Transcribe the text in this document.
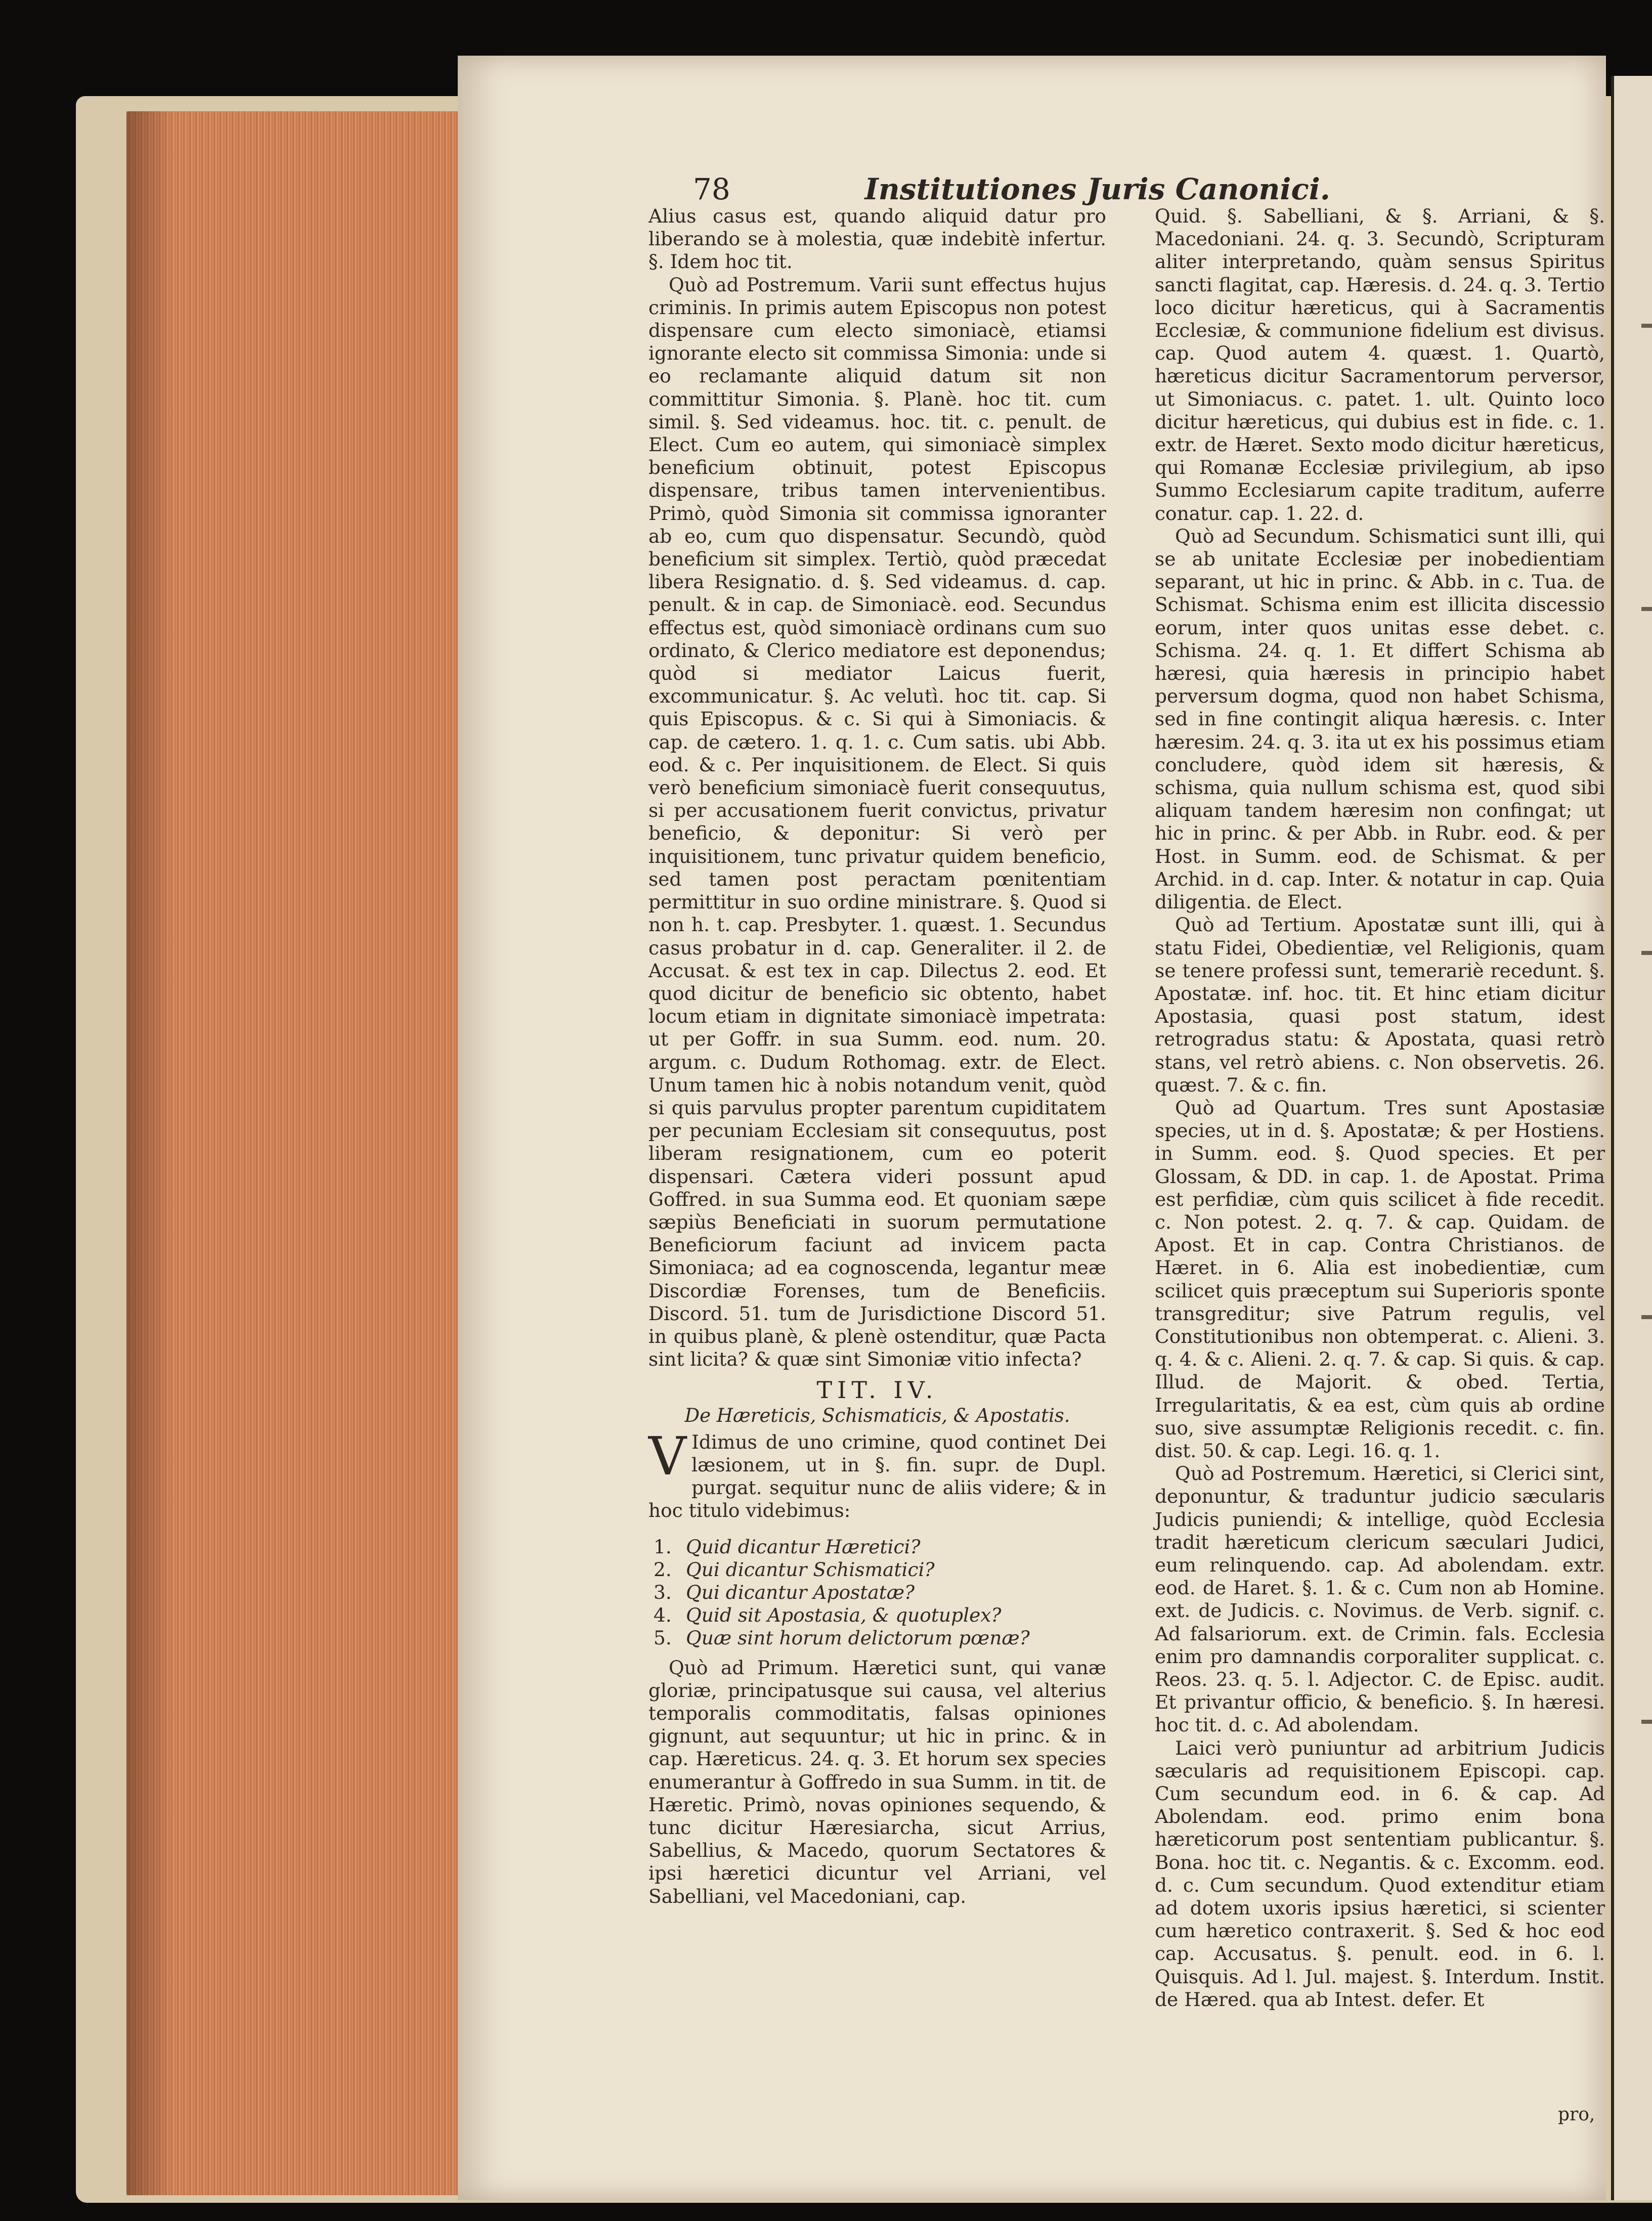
78	Institutiones Juris Canonici.

Alius casus est, quando aliquid datur pro liberando se à molestia, quæ indebitè infertur. §. Idem hoc tit.

Quò ad Postremum. Varii sunt effectus hujus criminis. In primis autem Episcopus non potest dispensare cum electo simoniacè, etiamsi ignorante electo sit commissa Simonia: unde si eo reclamante aliquid datum sit non committitur Simonia. §. Planè. hoc tit. cum simil. §. Sed videamus. hoc. tit. c. penult. de Elect. Cum eo autem, qui simoniacè simplex beneficium obtinuit, potest Episcopus dispensare, tribus tamen intervenientibus. Primò, quòd Simonia sit commissa ignoranter ab eo, cum quo dispensatur. Secundò, quòd beneficium sit simplex. Tertiò, quòd præcedat libera Resignatio. d. §. Sed videamus. d. cap. penult. & in cap. de Simoniacè. eod. Secundus effectus est, quòd simoniacè ordinans cum suo ordinato, & Clerico mediatore est deponendus; quòd si mediator Laicus fuerit, excommunicatur. §. Ac velutì. hoc tit. cap. Si quis Episcopus. & c. Si qui à Simoniacis. & cap. de cætero. 1. q. 1. c. Cum satis. ubi Abb. eod. & c. Per inquisitionem. de Elect. Si quis verò beneficium simoniacè fuerit consequutus, si per accusationem fuerit convictus, privatur beneficio, & deponitur: Si verò per inquisitionem, tunc privatur quidem beneficio, sed tamen post peractam pœnitentiam permittitur in suo ordine ministrare. §. Quod si non h. t. cap. Presbyter. 1. quæst. 1. Secundus casus probatur in d. cap. Generaliter. il 2. de Accusat. & est tex in cap. Dilectus 2. eod. Et quod dicitur de beneficio sic obtento, habet locum etiam in dignitate simoniacè impetrata: ut per Goffr. in sua Summ. eod. num. 20. argum. c. Dudum Rothomag. extr. de Elect. Unum tamen hic à nobis notandum venit, quòd si quis parvulus propter parentum cupiditatem per pecuniam Ecclesiam sit consequutus, post liberam resignationem, cum eo poterit dispensari. Cætera videri possunt apud Goffred. in sua Summa eod. Et quoniam sæpe sæpiùs Beneficiati in suorum permutatione Beneficiorum faciunt ad invicem pacta Simoniaca; ad ea cognoscenda, legantur meæ Discordiæ Forenses, tum de Beneficiis. Discord. 51. tum de Jurisdictione Discord 51. in quibus planè, & plenè ostenditur, quæ Pacta sint licita? & quæ sint Simoniæ vitio infecta?

TIT. IV.
De Hæreticis, Schismaticis, & Apostatis.
V Idimus de uno crimine, quod continet Dei læsionem, ut in §. fin. supr. de Dupl. purgat. sequitur nunc de aliis videre; & in hoc titulo videbimus:

1. Quid dicantur Hæretici?
2. Qui dicantur Schismatici?
3. Qui dicantur Apostatæ?
4. Quid sit Apostasia, & quotuplex?
5. Quæ sint horum delictorum pœnæ?

Quò ad Primum. Hæretici sunt, qui vanæ gloriæ, principatusque sui causa, vel alterius temporalis commoditatis, falsas opiniones gignunt, aut sequuntur; ut hic in princ. & in cap. Hæreticus. 24. q. 3. Et horum sex species enumerantur à Goffredo in sua Summ. in tit. de Hæretic. Primò, novas opiniones sequendo, & tunc dicitur Hæresiarcha, sicut Arrius, Sabellius, & Macedo, quorum Sectatores & ipsi hæretici dicuntur vel Arriani, vel Sabelliani, vel Macedoniani, cap.

Quid. §. Sabelliani, & §. Arriani, & §. Macedoniani. 24. q. 3. Secundò, Scripturam aliter interpretando, quàm sensus Spiritus sancti flagitat, cap. Hæresis. d. 24. q. 3. Tertio loco dicitur hæreticus, qui à Sacramentis Ecclesiæ, & communione fidelium est divisus. cap. Quod autem 4. quæst. 1. Quartò, hæreticus dicitur Sacramentorum perversor, ut Simoniacus. c. patet. 1. ult. Quinto loco dicitur hæreticus, qui dubius est in fide. c. 1. extr. de Hæret. Sexto modo dicitur hæreticus, qui Romanæ Ecclesiæ privilegium, ab ipso Summo Ecclesiarum capite traditum, auferre conatur. cap. 1. 22. d.

Quò ad Secundum. Schismatici sunt illi, qui se ab unitate Ecclesiæ per inobedientiam separant, ut hic in princ. & Abb. in c. Tua. de Schismat. Schisma enim est illicita discessio eorum, inter quos unitas esse debet. c. Schisma. 24. q. 1. Et differt Schisma ab hæresi, quia hæresis in principio habet perversum dogma, quod non habet Schisma, sed in fine contingit aliqua hæresis. c. Inter hæresim. 24. q. 3. ita ut ex his possimus etiam concludere, quòd idem sit hæresis, & schisma, quia nullum schisma est, quod sibi aliquam tandem hæresim non confingat; ut hic in princ. & per Abb. in Rubr. eod. & per Host. in Summ. eod. de Schismat. & per Archid. in d. cap. Inter. & notatur in cap. Quia diligentia. de Elect.

Quò ad Tertium. Apostatæ sunt illi, qui à statu Fidei, Obedientiæ, vel Religionis, quam se tenere professi sunt, temerariè recedunt. §. Apostatæ. inf. hoc. tit. Et hinc etiam dicitur Apostasia, quasi post statum, idest retrogradus statu: & Apostata, quasi retrò stans, vel retrò abiens. c. Non observetis. 26. quæst. 7. & c. fin.

Quò ad Quartum. Tres sunt Apostasiæ species, ut in d. §. Apostatæ; & per Hostiens. in Summ. eod. §. Quod species. Et per Glossam, & DD. in cap. 1. de Apostat. Prima est perfidiæ, cùm quis scilicet à fide recedit. c. Non potest. 2. q. 7. & cap. Quidam. de Apost. Et in cap. Contra Christianos. de Hæret. in 6. Alia est inobedientiæ, cum scilicet quis præceptum sui Superioris sponte transgreditur; sive Patrum regulis, vel Constitutionibus non obtemperat. c. Alieni. 3. q. 4. & c. Alieni. 2. q. 7. & cap. Si quis. & cap. Illud. de Majorit. & obed. Tertia, Irregularitatis, & ea est, cùm quis ab ordine suo, sive assumptæ Religionis recedit. c. fin. dist. 50. & cap. Legi. 16. q. 1.

Quò ad Postremum. Hæretici, si Clerici sint, deponuntur, & traduntur judicio sæcularis Judicis puniendi; & intellige, quòd Ecclesia tradit hæreticum clericum sæculari Judici, eum relinquendo. cap. Ad abolendam. extr. eod. de Haret. §. 1. & c. Cum non ab Homine. ext. de Judicis. c. Novimus. de Verb. signif. c. Ad falsariorum. ext. de Crimin. fals. Ecclesia enim pro damnandis corporaliter supplicat. c. Reos. 23. q. 5. l. Adjector. C. de Episc. audit. Et privantur officio, & beneficio. §. In hæresi. hoc tit. d. c. Ad abolendam.

Laici verò puniuntur ad arbitrium Judicis sæcularis ad requisitionem Episcopi. cap. Cum secundum eod. in 6. & cap. Ad Abolendam. eod. primo enim bona hæreticorum post sententiam publicantur. §. Bona. hoc tit. c. Negantis. & c. Excomm. eod. d. c. Cum secundum. Quod extenditur etiam ad dotem uxoris ipsius hæretici, si scienter cum hæretico contraxerit. §. Sed & hoc eod cap. Accusatus. §. penult. eod. in 6. l. Quisquis. Ad l. Jul. majest. §. Interdum. Instit. de Hæred. qua ab Intest. defer. Et

pro,
